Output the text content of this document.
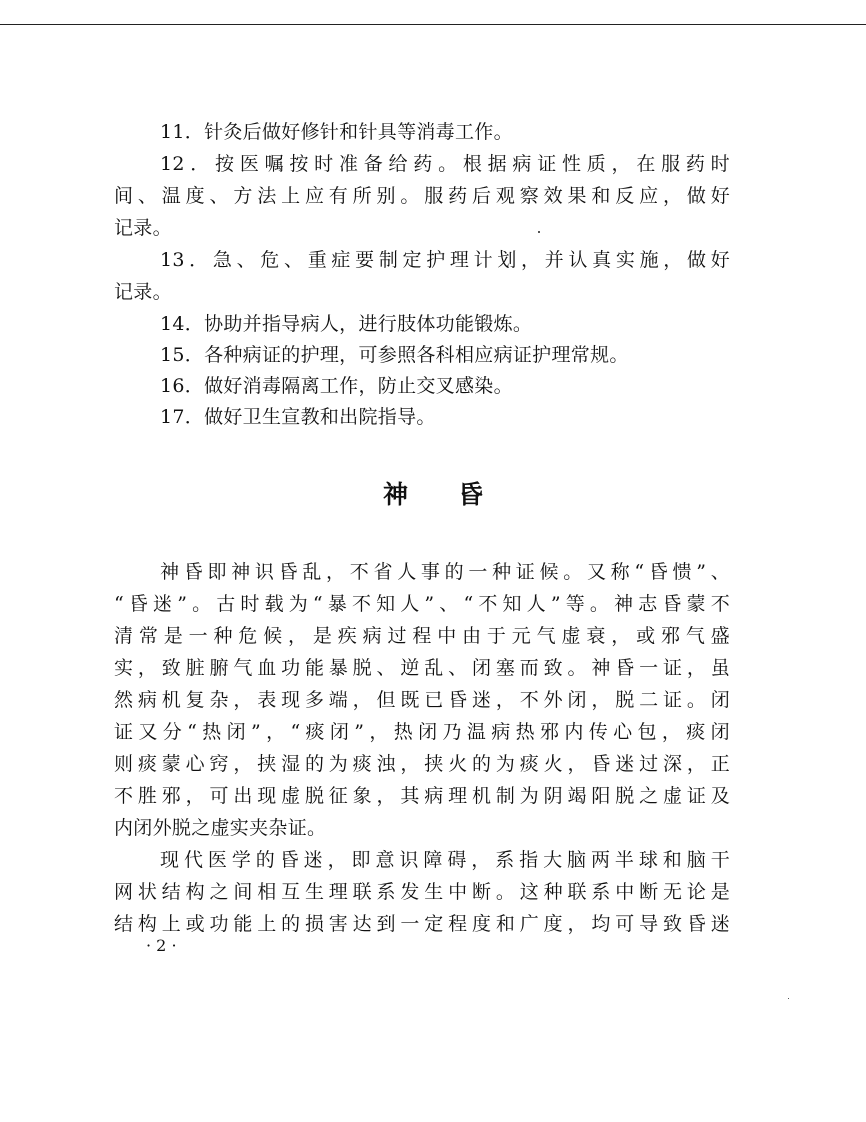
11．针灸后做好修针和针具等消毒工作。
12．按医嘱按时准备给药。根据病证性质，在服药时
间、温度、方法上应有所别。服药后观察效果和反应，做好
记录。
13．急、危、重症要制定护理计划，并认真实施，做好
记录。
14．协助并指导病人，进行肢体功能锻炼。
15．各种病证的护理，可参照各科相应病证护理常规。
16．做好消毒隔离工作，防止交叉感染。
17．做好卫生宣教和出院指导。
神　　昏
神昏即神识昏乱，不省人事的一种证候。又称“昏愦”、
“昏迷”。古时载为“暴不知人”、“不知人”等。神志昏蒙不
清常是一种危候，是疾病过程中由于元气虚衰，或邪气盛
实，致脏腑气血功能暴脱、逆乱、闭塞而致。神昏一证，虽
然病机复杂，表现多端，但既已昏迷，不外闭，脱二证。闭
证又分“热闭”，“痰闭”，热闭乃温病热邪内传心包，痰闭
则痰蒙心窍，挟湿的为痰浊，挟火的为痰火，昏迷过深，正
不胜邪，可出现虚脱征象，其病理机制为阴竭阳脱之虚证及
内闭外脱之虚实夹杂证。
现代医学的昏迷，即意识障碍，系指大脑两半球和脑干
网状结构之间相互生理联系发生中断。这种联系中断无论是
结构上或功能上的损害达到一定程度和广度，均可导致昏迷
· 2 ·
